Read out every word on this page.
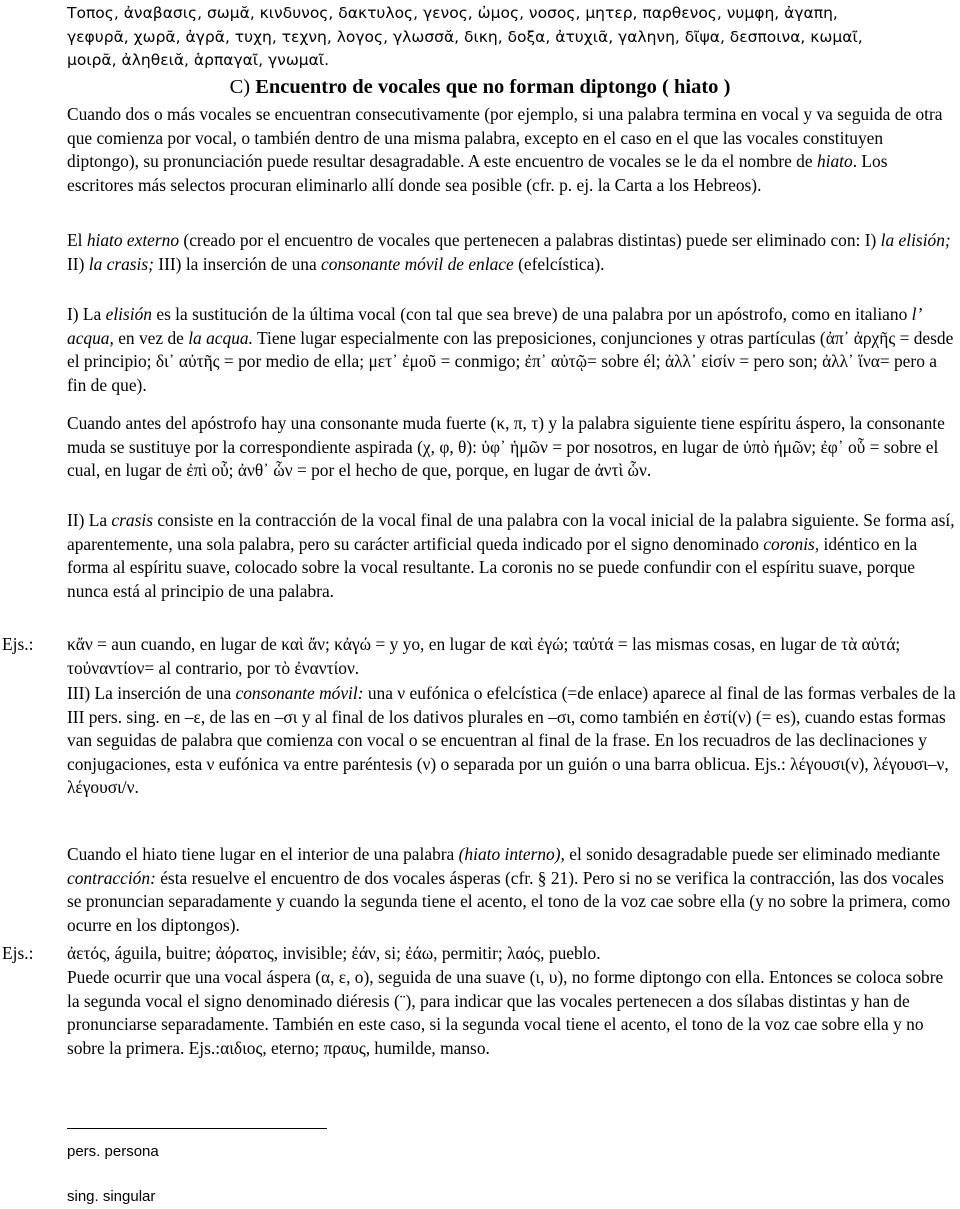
Τοπος, ἀναβασις, σωμᾰ, κινδυνος, δακτυλος, γενος, ὠμος, νοσος, μητερ, παρθενος, νυμφη, ἀγαπη,
γεφυρᾶ, χωρᾶ, ἀγρᾶ, τυχη, τεχνη, λογος, γλωσσᾰ, δικη, δοξα, ἀτυχιᾶ, γαληνη, δῖψα, δεσποινα, κωμαῖ,
μοιρᾶ, ἀληθειᾰ, ἁρπαγαῖ, γνωμαῖ.
C) Encuentro de vocales que no forman diptongo ( hiato )

Cuando dos o más vocales se encuentran consecutivamente (por ejemplo, si una palabra termina en vocal y va seguida de otra que comienza por vocal, o también dentro de una misma palabra, excepto en el caso en el que las vocales constituyen diptongo), su pronunciación puede resultar desagradable. A este encuentro de vocales se le da el nombre de hiato. Los escritores más selectos procuran eliminarlo allí donde sea posible (cfr. p. ej. la Carta a los Hebreos).

El hiato externo (creado por el encuentro de vocales que pertenecen a palabras distintas) puede ser eliminado con: I) la elisión; II) la crasis; III) la inserción de una consonante móvil de enlace (efelcística).

I) La elisión es la sustitución de la última vocal (con tal que sea breve) de una palabra por un apóstrofo, como en italiano l’ acqua, en vez de la acqua. Tiene lugar especialmente con las preposiciones, conjunciones y otras partículas (ἀπ᾽ ἀρχῆς = desde el principio; δι᾽ αὐτῆς = por medio de ella; μετ᾽ ἐμοῦ = conmigo; ἐπ᾽ αὐτῷ= sobre él; ἀλλ᾽ εἰσίν = pero son; ἀλλ᾽ ἵνα= pero a fin de que).

Cuando antes del apóstrofo hay una consonante muda fuerte (κ, π, τ) y la palabra siguiente tiene espíritu áspero, la consonante muda se sustituye por la correspondiente aspirada (χ, φ, θ): ὑφ᾽ ἡμῶν = por nosotros, en lugar de ὑπὸ ἡμῶν; ἐφ᾽ οὗ = sobre el cual, en lugar de ἐπὶ οὗ; ἀνθ᾽ ὧν = por el hecho de que, porque, en lugar de ἀντὶ ὧν.

II) La crasis consiste en la contracción de la vocal final de una palabra con la vocal inicial de la palabra siguiente. Se forma así, aparentemente, una sola palabra, pero su carácter artificial queda indicado por el signo denominado coronis, idéntico en la forma al espíritu suave, colocado sobre la vocal resultante. La coronis no se puede confundir con el espíritu suave, porque nunca está al principio de una palabra.

Ejs.: κἄν = aun cuando, en lugar de καὶ ἄν; κἀγώ = y yo, en lugar de καὶ ἐγώ; ταὐτά = las mismas cosas, en lugar de τὰ αὐτά; τοὐναντίον= al contrario, por τὸ ἐναντίον.

III) La inserción de una consonante móvil: una ν eufónica o efelcística (=de enlace) aparece al final de las formas verbales de la III pers. sing. en –ε, de las en –σι y al final de los dativos plurales en –σι, como también en ἐστί(ν) (= es), cuando estas formas van seguidas de palabra que comienza con vocal o se encuentran al final de la frase. En los recuadros de las declinaciones y conjugaciones, esta ν eufónica va entre paréntesis (ν) o separada por un guión o una barra oblicua. Ejs.: λέγουσι(ν), λέγουσι–ν, λέγουσι/ν.

Cuando el hiato tiene lugar en el interior de una palabra (hiato interno), el sonido desagradable puede ser eliminado mediante contracción: ésta resuelve el encuentro de dos vocales ásperas (cfr. § 21). Pero si no se verifica la contracción, las dos vocales se pronuncian separadamente y cuando la segunda tiene el acento, el tono de la voz cae sobre ella (y no sobre la primera, como ocurre en los diptongos).

Ejs.: ἀετός, águila, buitre; ἀόρατος, invisible; ἐάν, si; ἐάω, permitir; λαός, pueblo.

Puede ocurrir que una vocal áspera (α, ε, ο), seguida de una suave (ι, υ), no forme diptongo con ella. Entonces se coloca sobre la segunda vocal el signo denominado diéresis (¨), para indicar que las vocales pertenecen a dos sílabas distintas y han de pronunciarse separadamente. También en este caso, si la segunda vocal tiene el acento, el tono de la voz cae sobre ella y no sobre la primera. Ejs.:αιδιος, eterno; πραυς, humilde, manso.

pers. persona
sing. singular
